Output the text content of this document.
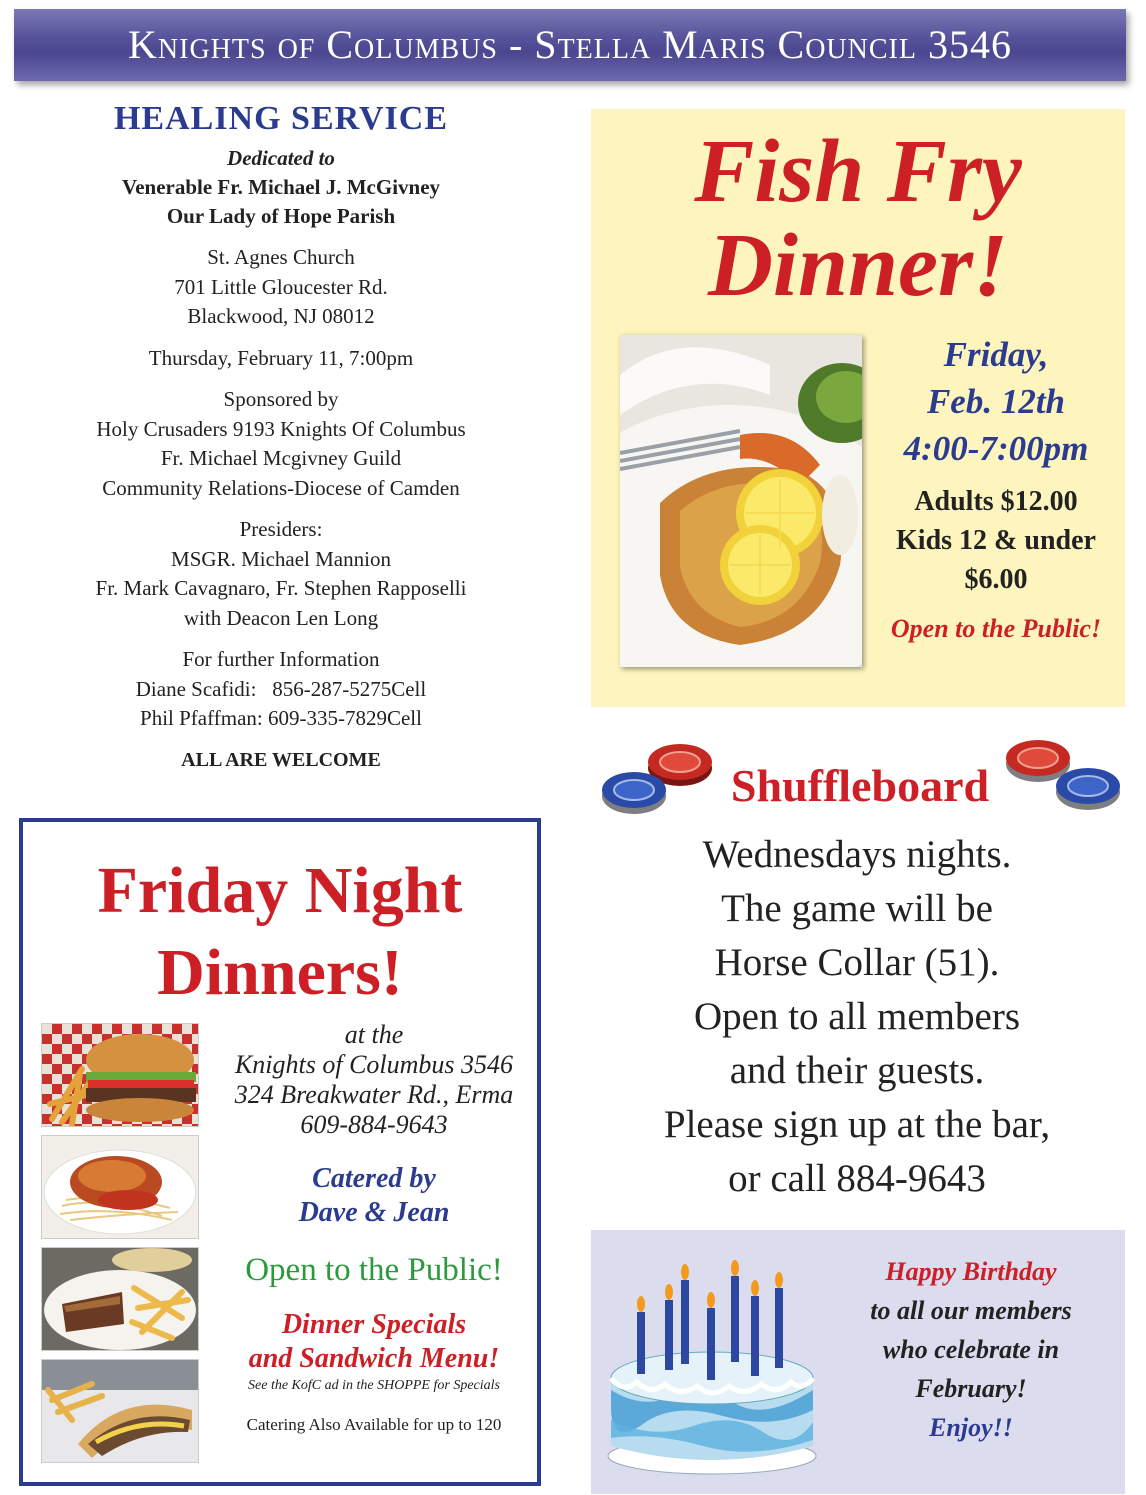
Knights of Columbus - Stella Maris Council 3546
HEALING SERVICE
Dedicated to
Venerable Fr. Michael J. McGivney
Our Lady of Hope Parish
St. Agnes Church
701 Little Gloucester Rd.
Blackwood, NJ 08012
Thursday, February 11, 7:00pm
Sponsored by
Holy Crusaders 9193 Knights Of Columbus
Fr. Michael Mcgivney Guild
Community Relations-Diocese of Camden
Presiders:
MSGR. Michael Mannion
Fr. Mark Cavagnaro, Fr. Stephen Rapposelli
with Deacon Len Long
For further Information
Diane Scafidi:   856-287-5275Cell
Phil Pfaffman: 609-335-7829Cell
ALL ARE WELCOME
Friday Night
Dinners!
at the
Knights of Columbus 3546
324 Breakwater Rd., Erma
609-884-9643
Catered by
Dave & Jean
Open to the Public!
Dinner Specials
and Sandwich Menu!
See the KofC ad in the SHOPPE for Specials
Catering Also Available for up to 120
Fish Fry
Dinner!
Friday,
Feb. 12th
4:00-7:00pm
Adults $12.00
Kids 12 & under
$6.00
Open to the Public!
Shuffleboard
Wednesdays nights.
The game will be
Horse Collar (51).
Open to all members
and their guests.
Please sign up at the bar,
or call 884-9643
Happy Birthday
to all our members
who celebrate in
February!
Enjoy!!
